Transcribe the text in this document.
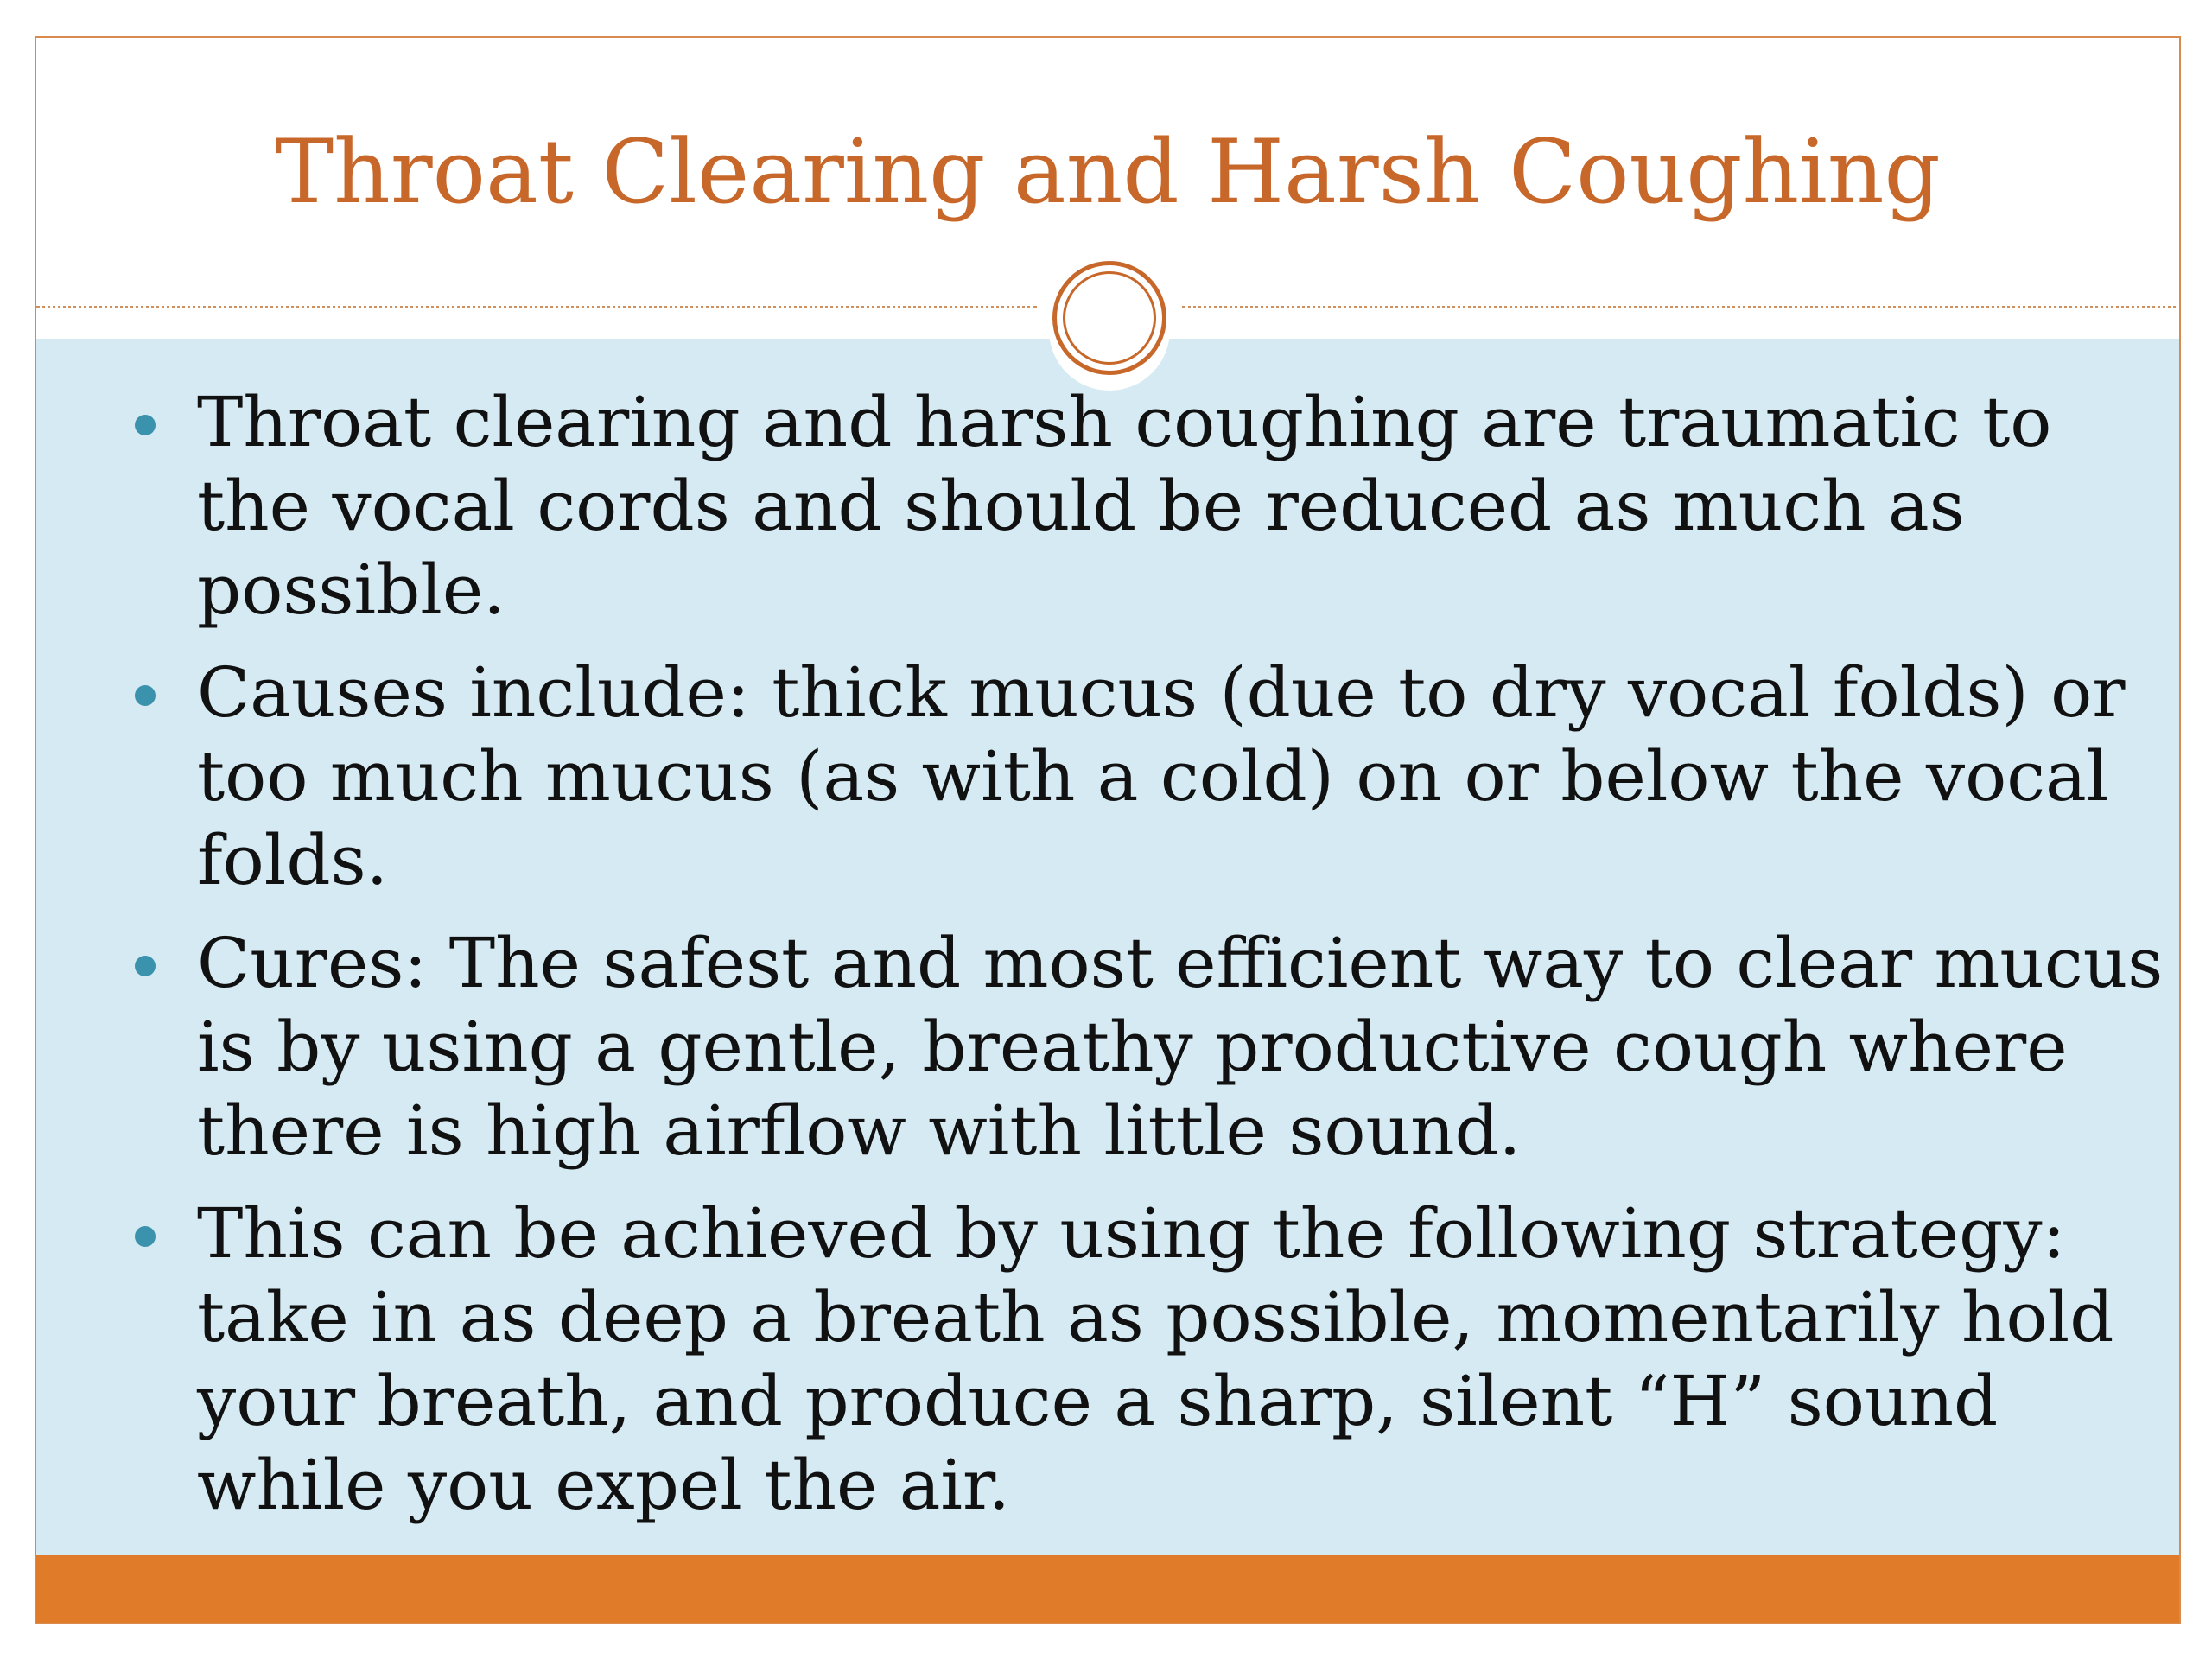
Throat Clearing and Harsh Coughing
Throat clearing and harsh coughing are traumatic to the vocal cords and should be reduced as much as possible.
Causes include: thick mucus (due to dry vocal folds) or too much mucus (as with a cold) on or below the vocal folds.
Cures: The safest and most efficient way to clear mucus is by using a gentle, breathy productive cough where there is high airflow with little sound.
This can be achieved by using the following strategy: take in as deep a breath as possible, momentarily hold your breath, and produce a sharp, silent “H” sound while you expel the air.
